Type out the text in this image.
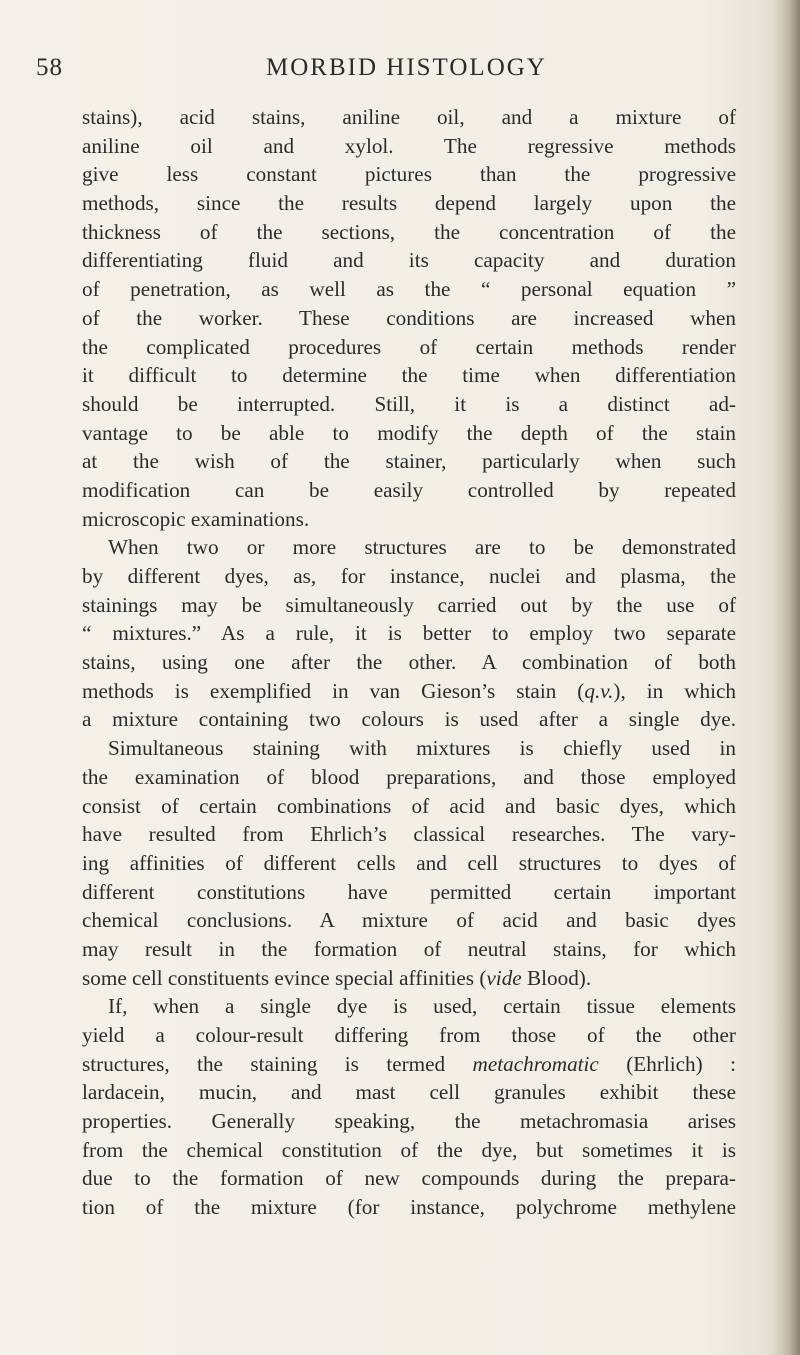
58	MORBID HISTOLOGY
stains), acid stains, aniline oil, and a mixture of
aniline oil and xylol. The regressive methods
give less constant pictures than the progressive
methods, since the results depend largely upon the
thickness of the sections, the concentration of the
differentiating fluid and its capacity and duration
of penetration, as well as the “ personal equation ”
of the worker. These conditions are increased when
the complicated procedures of certain methods render
it difficult to determine the time when differentiation
should be interrupted. Still, it is a distinct ad-
vantage to be able to modify the depth of the stain
at the wish of the stainer, particularly when such
modification can be easily controlled by repeated
microscopic examinations.
When two or more structures are to be demonstrated
by different dyes, as, for instance, nuclei and plasma, the
stainings may be simultaneously carried out by the use of
“ mixtures.” As a rule, it is better to employ two separate
stains, using one after the other. A combination of both
methods is exemplified in van Gieson’s stain (q.v.), in which
a mixture containing two colours is used after a single dye.
Simultaneous staining with mixtures is chiefly used in
the examination of blood preparations, and those employed
consist of certain combinations of acid and basic dyes, which
have resulted from Ehrlich’s classical researches. The vary-
ing affinities of different cells and cell structures to dyes of
different constitutions have permitted certain important
chemical conclusions. A mixture of acid and basic dyes
may result in the formation of neutral stains, for which
some cell constituents evince special affinities (vide Blood).
If, when a single dye is used, certain tissue elements
yield a colour-result differing from those of the other
structures, the staining is termed metachromatic (Ehrlich) :
lardacein, mucin, and mast cell granules exhibit these
properties. Generally speaking, the metachromasia arises
from the chemical constitution of the dye, but sometimes it is
due to the formation of new compounds during the prepara-
tion of the mixture (for instance, polychrome methylene
